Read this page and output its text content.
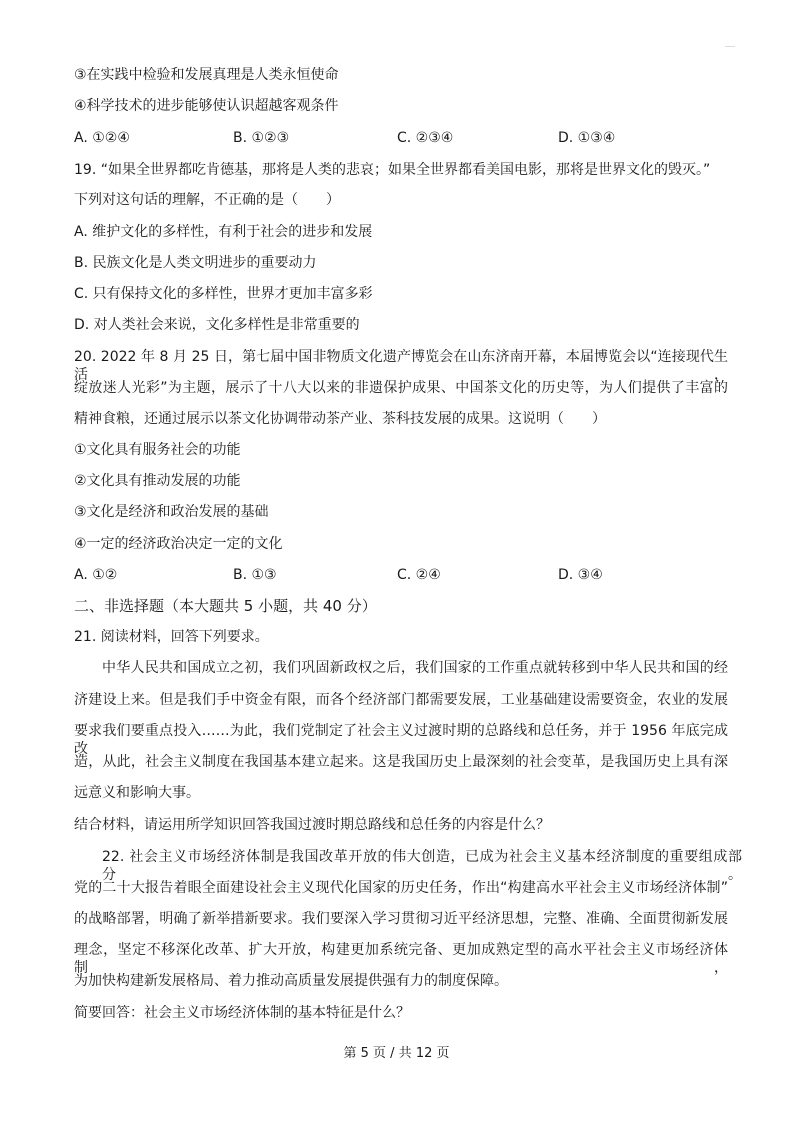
③在实践中检验和发展真理是人类永恒使命
④科学技术的进步能够使认识超越客观条件
A. ①②④	B. ①②③	C. ②③④	D. ①③④
19. “如果全世界都吃肯德基，那将是人类的悲哀；如果全世界都看美国电影，那将是世界文化的毁灭。”
下列对这句话的理解，不正确的是（　　）
A. 维护文化的多样性，有利于社会的进步和发展
B. 民族文化是人类文明进步的重要动力
C. 只有保持文化的多样性，世界才更加丰富多彩
D. 对人类社会来说，文化多样性是非常重要的
20. 2022 年 8 月 25 日，第七届中国非物质文化遗产博览会在山东济南开幕，本届博览会以“连接现代生活，
绽放迷人光彩”为主题，展示了十八大以来的非遗保护成果、中国茶文化的历史等，为人们提供了丰富的
精神食粮，还通过展示以茶文化协调带动茶产业、茶科技发展的成果。这说明（　　）
①文化具有服务社会的功能
②文化具有推动发展的功能
③文化是经济和政治发展的基础
④一定的经济政治决定一定的文化
A. ①②	B. ①③	C. ②④	D. ③④
二、非选择题（本大题共 5 小题，共 40 分）
21. 阅读材料，回答下列要求。
中华人民共和国成立之初，我们巩固新政权之后，我们国家的工作重点就转移到中华人民共和国的经
济建设上来。但是我们手中资金有限，而各个经济部门都需要发展，工业基础建设需要资金，农业的发展
要求我们要重点投入……为此，我们党制定了社会主义过渡时期的总路线和总任务，并于 1956 年底完成改
造，从此，社会主义制度在我国基本建立起来。这是我国历史上最深刻的社会变革，是我国历史上具有深
远意义和影响大事。
结合材料，请运用所学知识回答我国过渡时期总路线和总任务的内容是什么？
22. 社会主义市场经济体制是我国改革开放的伟大创造，已成为社会主义基本经济制度的重要组成部分。
党的二十大报告着眼全面建设社会主义现代化国家的历史任务，作出“构建高水平社会主义市场经济体制”
的战略部署，明确了新举措新要求。我们要深入学习贯彻习近平经济思想，完整、准确、全面贯彻新发展
理念，坚定不移深化改革、扩大开放，构建更加系统完备、更加成熟定型的高水平社会主义市场经济体制，
为加快构建新发展格局、着力推动高质量发展提供强有力的制度保障。
简要回答：社会主义市场经济体制的基本特征是什么？
第 5 页 / 共 12 页
